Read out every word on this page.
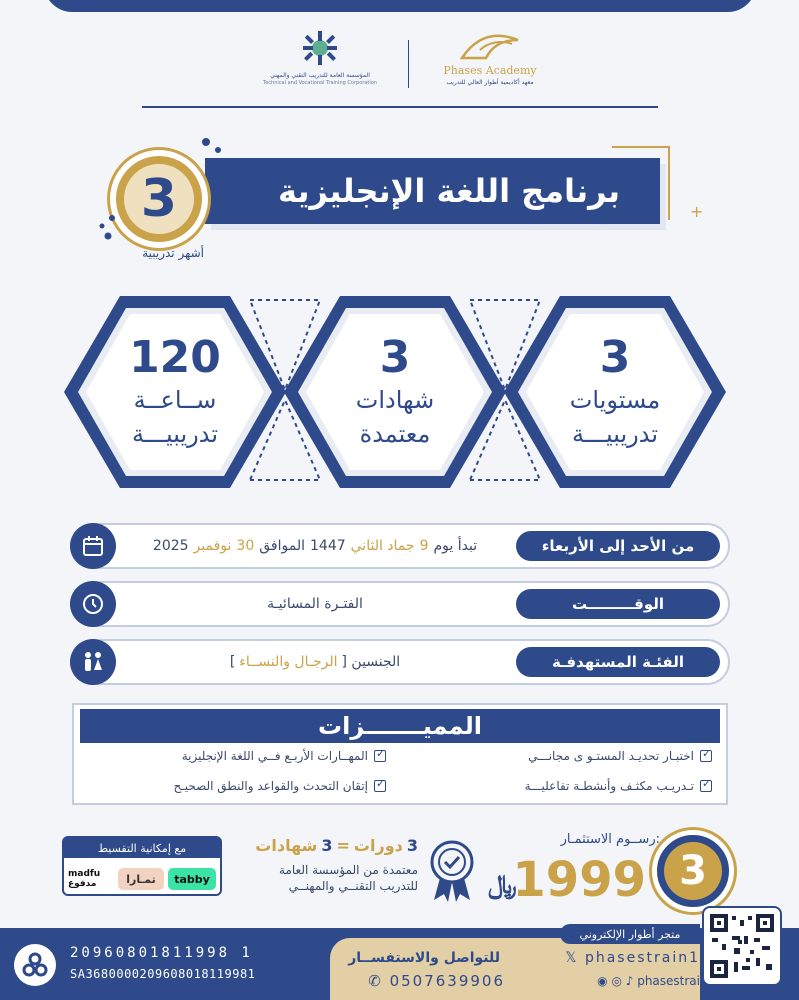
Phases Academy
معهد أكاديمية أطوار العالي للتدريب
المؤسسة العامة للتدريب التقني والمهني
Technical and Vocational Training Corporation
برنامج اللغة الإنجليزية
3
أشهر تدريبية
+
3
مستويات
تدريبيـــة
3
شهادات
معتمدة
120
ســاعــة
تدريبيـــة
تبدأ يوم
9
جماد الثاني
1447
الموافق
30
نوفمبر
2025	من الأحد إلى الأربعاء
الفتـرة المسائيـة	الوقـــــــــت
الجنسين [
الرجـال والنســاء
]	الفئـة المستهدفـة
المميـــــــزات
✓
اختبـار تحديـد المستـو ى مجانـــي
✓
المهــارات الأربـع فــي اللغة الإنجليزية
✓
تـدريـب مكثـف وأنشطـة تفاعليـــة
✓
إتقان التحدث والقواعد والنطق الصحيـح
3
رســوم الاستثمـار:
1999
﷼
3
دورات
=
3
شهادات
معتمدة من المؤسسة العامة
للتدريب التقنــي والمهنــي
مع إمكانية التقسيط
tabby
تمـارا
madfu مدفوع
متجر أطوار الإلكتروني
𝕏 phasestrain1
◉ ◎ ♪ phasestrai
للتواصل والاستفســار
✆ 0507639906
20960801811998 1
SA3680000209608018119981
